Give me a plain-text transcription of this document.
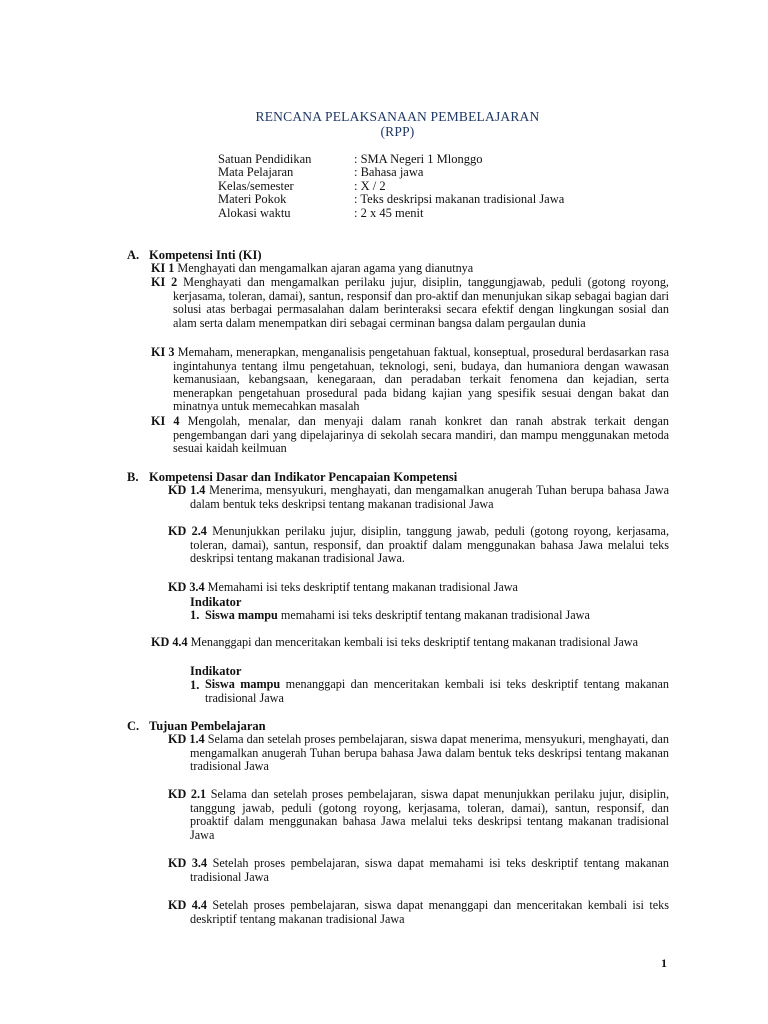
RENCANA PELAKSANAAN PEMBELAJARAN
(RPP)
Satuan Pendidikan	: SMA Negeri 1 Mlonggo
Mata Pelajaran	: Bahasa jawa
Kelas/semester	: X / 2
Materi Pokok	: Teks deskripsi makanan tradisional Jawa
Alokasi waktu	: 2 x 45 menit
A. Kompetensi Inti (KI)

KI 1 Menghayati dan mengamalkan ajaran agama yang dianutnya

KI 2 Menghayati dan mengamalkan perilaku jujur, disiplin, tanggungjawab, peduli (gotong royong, kerjasama, toleran, damai), santun, responsif dan pro-aktif dan menunjukan sikap sebagai bagian dari solusi atas berbagai permasalahan dalam berinteraksi secara efektif dengan lingkungan sosial dan alam serta dalam menempatkan diri sebagai cerminan bangsa dalam pergaulan dunia

KI 3 Memaham, menerapkan, menganalisis pengetahuan faktual, konseptual, prosedural berdasarkan rasa ingintahunya tentang ilmu pengetahuan, teknologi, seni, budaya, dan humaniora dengan wawasan kemanusiaan, kebangsaan, kenegaraan, dan peradaban terkait fenomena dan kejadian, serta menerapkan pengetahuan prosedural pada bidang kajian yang spesifik sesuai dengan bakat dan minatnya untuk memecahkan masalah

KI 4 Mengolah, menalar, dan menyaji dalam ranah konkret dan ranah abstrak terkait dengan pengembangan dari yang dipelajarinya di sekolah secara mandiri, dan mampu menggunakan metoda sesuai kaidah keilmuan

B. Kompetensi Dasar dan Indikator Pencapaian Kompetensi

KD 1.4 Menerima, mensyukuri, menghayati, dan mengamalkan anugerah Tuhan berupa bahasa Jawa dalam bentuk teks deskripsi tentang makanan tradisional Jawa

KD 2.4 Menunjukkan perilaku jujur, disiplin, tanggung jawab, peduli (gotong royong, kerjasama, toleran, damai), santun, responsif, dan proaktif dalam menggunakan bahasa Jawa melalui teks deskripsi tentang makanan tradisional Jawa.

KD 3.4 Memahami isi teks deskriptif tentang makanan tradisional Jawa

Indikator
1. Siswa mampu memahami isi teks deskriptif tentang makanan tradisional Jawa

KD 4.4 Menanggapi dan menceritakan kembali isi teks deskriptif tentang makanan tradisional Jawa

Indikator
1. Siswa mampu menanggapi dan menceritakan kembali isi teks deskriptif tentang makanan tradisional Jawa

C. Tujuan Pembelajaran

KD 1.4 Selama dan setelah proses pembelajaran, siswa dapat menerima, mensyukuri, menghayati, dan mengamalkan anugerah Tuhan berupa bahasa Jawa dalam bentuk teks deskripsi tentang makanan tradisional Jawa

KD 2.1 Selama dan setelah proses pembelajaran, siswa dapat menunjukkan perilaku jujur, disiplin, tanggung jawab, peduli (gotong royong, kerjasama, toleran, damai), santun, responsif, dan proaktif dalam menggunakan bahasa Jawa melalui teks deskripsi tentang makanan tradisional Jawa

KD 3.4 Setelah proses pembelajaran, siswa dapat memahami isi teks deskriptif tentang makanan tradisional Jawa

KD 4.4 Setelah proses pembelajaran, siswa dapat menanggapi dan menceritakan kembali isi teks deskriptif tentang makanan tradisional Jawa

1
